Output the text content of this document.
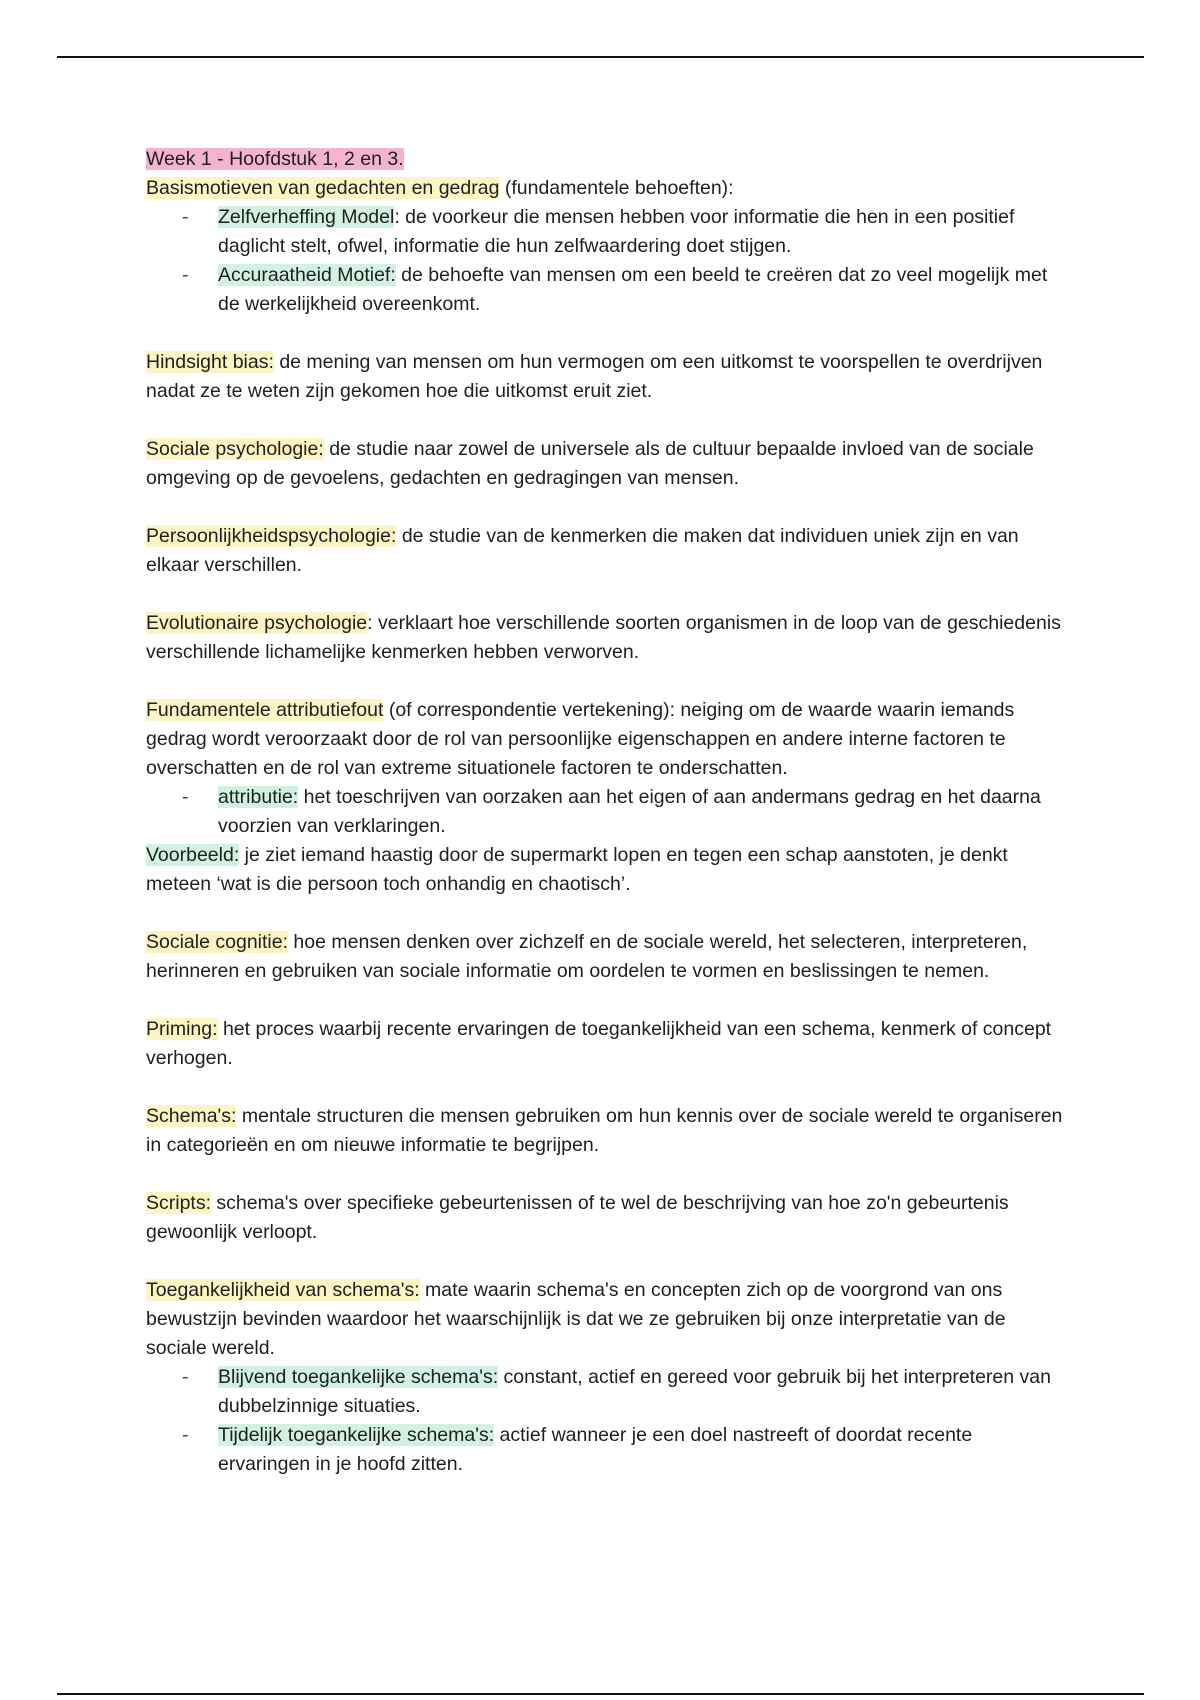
Week 1 - Hoofdstuk 1, 2 en 3.

Basismotieven van gedachten en gedrag (fundamentele behoeften):

- Zelfverheffing Model: de voorkeur die mensen hebben voor informatie die hen in een positief daglicht stelt, ofwel, informatie die hun zelfwaardering doet stijgen.
- Accuraatheid Motief: de behoefte van mensen om een beeld te creëren dat zo veel mogelijk met de werkelijkheid overeenkomt.

Hindsight bias: de mening van mensen om hun vermogen om een uitkomst te voorspellen te overdrijven nadat ze te weten zijn gekomen hoe die uitkomst eruit ziet.

Sociale psychologie: de studie naar zowel de universele als de cultuur bepaalde invloed van de sociale omgeving op de gevoelens, gedachten en gedragingen van mensen.

Persoonlijkheidspsychologie: de studie van de kenmerken die maken dat individuen uniek zijn en van elkaar verschillen.

Evolutionaire psychologie: verklaart hoe verschillende soorten organismen in de loop van de geschiedenis verschillende lichamelijke kenmerken hebben verworven.

Fundamentele attributiefout (of correspondentie vertekening): neiging om de waarde waarin iemands gedrag wordt veroorzaakt door de rol van persoonlijke eigenschappen en andere interne factoren te overschatten en de rol van extreme situationele factoren te onderschatten.

- attributie: het toeschrijven van oorzaken aan het eigen of aan andermans gedrag en het daarna voorzien van verklaringen.

Voorbeeld: je ziet iemand haastig door de supermarkt lopen en tegen een schap aanstoten, je denkt meteen ‘wat is die persoon toch onhandig en chaotisch’.

Sociale cognitie: hoe mensen denken over zichzelf en de sociale wereld, het selecteren, interpreteren, herinneren en gebruiken van sociale informatie om oordelen te vormen en beslissingen te nemen.

Priming: het proces waarbij recente ervaringen de toegankelijkheid van een schema, kenmerk of concept verhogen.

Schema's: mentale structuren die mensen gebruiken om hun kennis over de sociale wereld te organiseren in categorieën en om nieuwe informatie te begrijpen.

Scripts: schema's over specifieke gebeurtenissen of te wel de beschrijving van hoe zo'n gebeurtenis gewoonlijk verloopt.

Toegankelijkheid van schema's: mate waarin schema's en concepten zich op de voorgrond van ons bewustzijn bevinden waardoor het waarschijnlijk is dat we ze gebruiken bij onze interpretatie van de sociale wereld.

- Blijvend toegankelijke schema's: constant, actief en gereed voor gebruik bij het interpreteren van dubbelzinnige situaties.
- Tijdelijk toegankelijke schema's: actief wanneer je een doel nastreeft of doordat recente ervaringen in je hoofd zitten.
